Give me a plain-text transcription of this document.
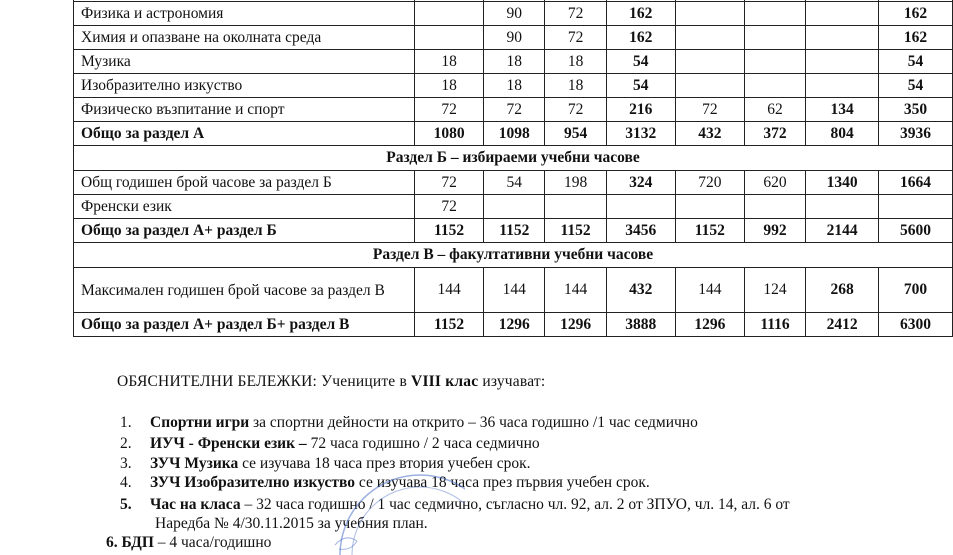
Физика и астрономия		90	72	162				162
Химия и опазване на околната среда		90	72	162				162
Музика	18	18	18	54				54
Изобразително изкуство	18	18	18	54				54
Физическо възпитание и спорт	72	72	72	216	72	62	134	350
Общо за раздел А	1080	1098	954	3132	432	372	804	3936
Раздел Б – избираеми учебни часове								
Общ годишен брой часове за раздел Б	72	54	198	324	720	620	1340	1664
Френски език	72							
Общо за раздел А+ раздел Б	1152	1152	1152	3456	1152	992	2144	5600
Раздел В – факултативни учебни часове								
Максимален годишен брой часове за раздел В	144	144	144	432	144	124	268	700
Общо за раздел А+ раздел Б+ раздел В	1152	1296	1296	3888	1296	1116	2412	6300
ОБЯСНИТЕЛНИ БЕЛЕЖКИ: Учениците в VIII клас изучават:
1. Спортни игри за спортни дейности на открито – 36 часа годишно /1 час седмично
2. ИУЧ - Френски език – 72 часа годишно / 2 часа седмично
3. ЗУЧ Музика се изучава 18 часа през втория учебен срок.
4. ЗУЧ Изобразително изкуство се изучава 18 часа през първия учебен срок.
5. Час на класа – 32 часа годишно / 1 час седмично, съгласно чл. 92, ал. 2 от ЗПУО, чл. 14, ал. 6 от
Наредба № 4/30.11.2015 за учебния план.
6. БДП – 4 часа/годишно
